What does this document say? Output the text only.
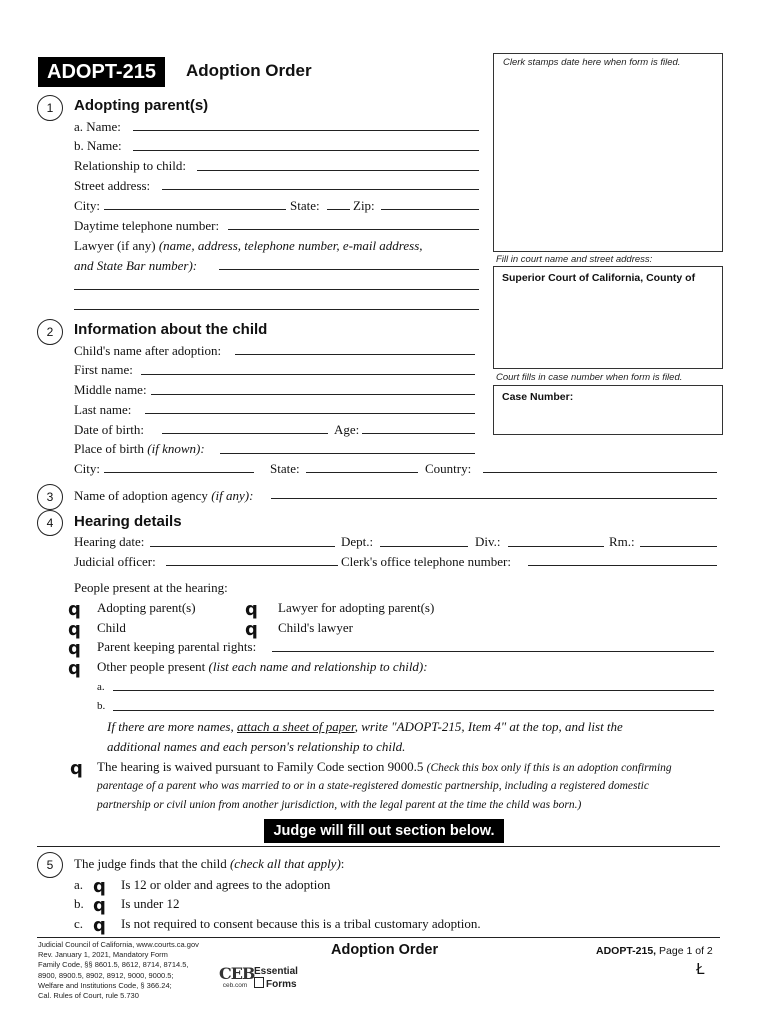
ADOPT-215	Adoption Order	Clerk stamps date here when form is filed.
Fill in court name and street address:
Superior Court of California, County of
Court fills in case number when form is filed.
Case Number:
1	Adopting parent(s)
a. Name:
b. Name:
Relationship to child:
Street address:
City:	State:	Zip:
Daytime telephone number:
Lawyer (if any) (name, address, telephone number, e-mail address,
and State Bar number):
2	Information about the child
Child's name after adoption:
First name:
Middle name:
Last name:
Date of birth:	Age:
Place of birth (if known):
City:	State:	Country:
3	Name of adoption agency (if any):
4	Hearing details
Hearing date:	Dept.:	Div.:	Rm.:
Judicial officer:	Clerk's office telephone number:
People present at the hearing:
q Adopting parent(s)	q Lawyer for adopting parent(s)
q Child	q Child's lawyer
q Parent keeping parental rights:
q Other people present (list each name and relationship to child):
a.
b.
If there are more names, attach a sheet of paper, write "ADOPT-215, Item 4" at the top, and list the
additional names and each person's relationship to child.
q The hearing is waived pursuant to Family Code section 9000.5 (Check this box only if this is an adoption confirming
parentage of a parent who was married to or in a state-registered domestic partnership, including a registered domestic
partnership or civil union from another jurisdiction, with the legal parent at the time the child was born.)
Judge will fill out section below.
5	The judge finds that the child (check all that apply):
a. q Is 12 or older and agrees to the adoption
b. q Is under 12
c. q Is not required to consent because this is a tribal customary adoption.
Judicial Council of California, www.courts.ca.gov
Rev. January 1, 2021, Mandatory Form
Family Code, §§ 8601.5, 8612, 8714, 8714.5,
8900, 8900.5, 8902, 8912, 9000, 9000.5;
Welfare and Institutions Code, § 366.24;
Cal. Rules of Court, rule 5.730
CEB
ceb.com
Essential
Forms
Adoption Order	ADOPT-215, Page 1 of 2
Ł
